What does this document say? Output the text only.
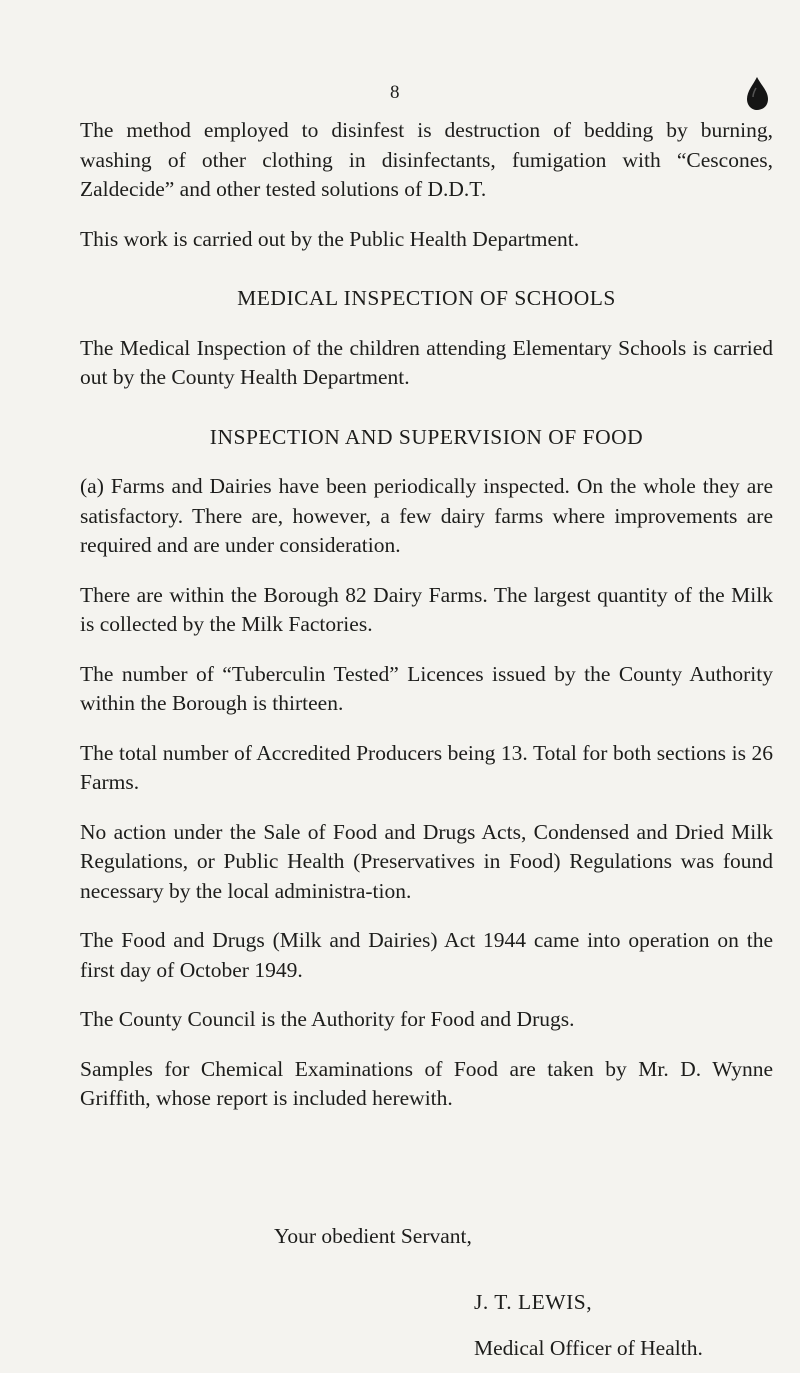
8

The method employed to disinfest is destruction of bedding by burning, washing of other clothing in disinfectants, fumigation with “Cescones, Zaldecide” and other tested solutions of D.D.T.

This work is carried out by the Public Health Department.

MEDICAL INSPECTION OF SCHOOLS

The Medical Inspection of the children attending Elementary Schools is carried out by the County Health Department.

INSPECTION AND SUPERVISION OF FOOD

(a) Farms and Dairies have been periodically inspected. On the whole they are satisfactory. There are, however, a few dairy farms where improvements are required and are under consideration.

There are within the Borough 82 Dairy Farms. The largest quantity of the Milk is collected by the Milk Factories.

The number of “Tuberculin Tested” Licences issued by the County Authority within the Borough is thirteen.

The total number of Accredited Producers being 13. Total for both sections is 26 Farms.

No action under the Sale of Food and Drugs Acts, Condensed and Dried Milk Regulations, or Public Health (Preservatives in Food) Regulations was found necessary by the local administra-tion.

The Food and Drugs (Milk and Dairies) Act 1944 came into operation on the first day of October 1949.

The County Council is the Authority for Food and Drugs.

Samples for Chemical Examinations of Food are taken by Mr. D. Wynne Griffith, whose report is included herewith.

Your obedient Servant,
J. T. LEWIS,
Medical Officer of Health.
